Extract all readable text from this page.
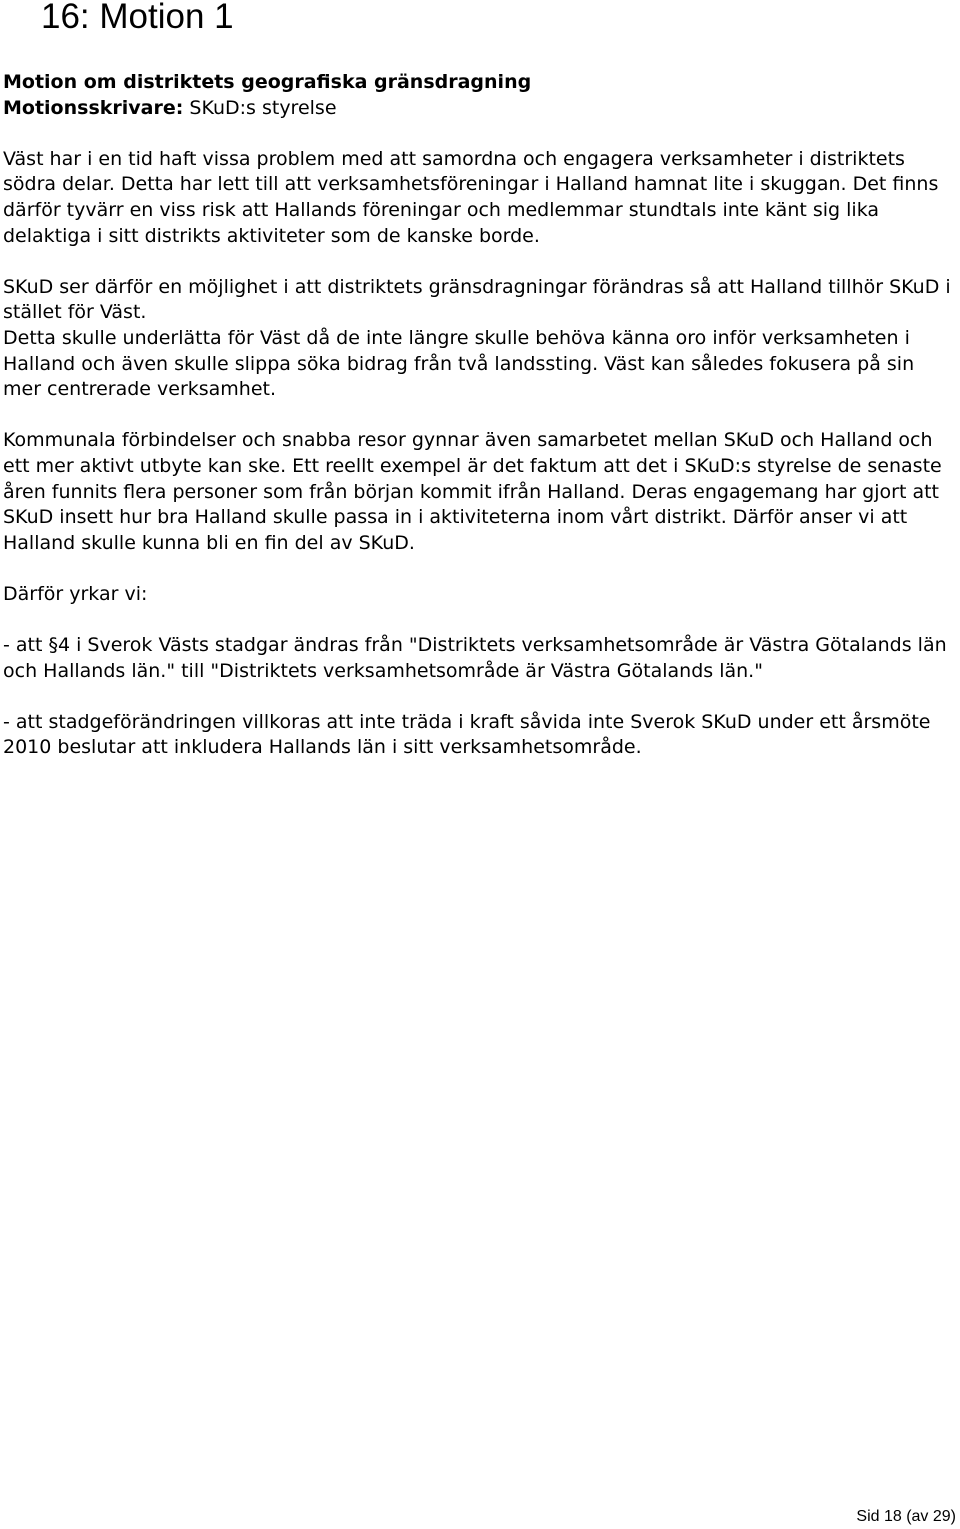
16: Motion 1

Motion om distriktets geografiska gränsdragning

Motionsskrivare: SKuD:s styrelse

Väst har i en tid haft vissa problem med att samordna och engagera verksamheter i distriktets södra delar. Detta har lett till att verksamhetsföreningar i Halland hamnat lite i skuggan. Det finns därför tyvärr en viss risk att Hallands föreningar och medlemmar stundtals inte känt sig lika delaktiga i sitt distrikts aktiviteter som de kanske borde.

SKuD ser därför en möjlighet i att distriktets gränsdragningar förändras så att Halland tillhör SKuD i stället för Väst.

Detta skulle underlätta för Väst då de inte längre skulle behöva känna oro inför verksamheten i Halland och även skulle slippa söka bidrag från två landssting. Väst kan således fokusera på sin mer centrerade verksamhet.

Kommunala förbindelser och snabba resor gynnar även samarbetet mellan SKuD och Halland och ett mer aktivt utbyte kan ske. Ett reellt exempel är det faktum att det i SKuD:s styrelse de senaste åren funnits flera personer som från början kommit ifrån Halland. Deras engagemang har gjort att SKuD insett hur bra Halland skulle passa in i aktiviteterna inom vårt distrikt. Därför anser vi att Halland skulle kunna bli en fin del av SKuD.

Därför yrkar vi:

- att §4 i Sverok Västs stadgar ändras från "Distriktets verksamhetsområde är Västra Götalands län och Hallands län." till "Distriktets verksamhetsområde är Västra Götalands län."

- att stadgeförändringen villkoras att inte träda i kraft såvida inte Sverok SKuD under ett årsmöte 2010 beslutar att inkludera Hallands län i sitt verksamhetsområde.

Sid 18 (av 29)
